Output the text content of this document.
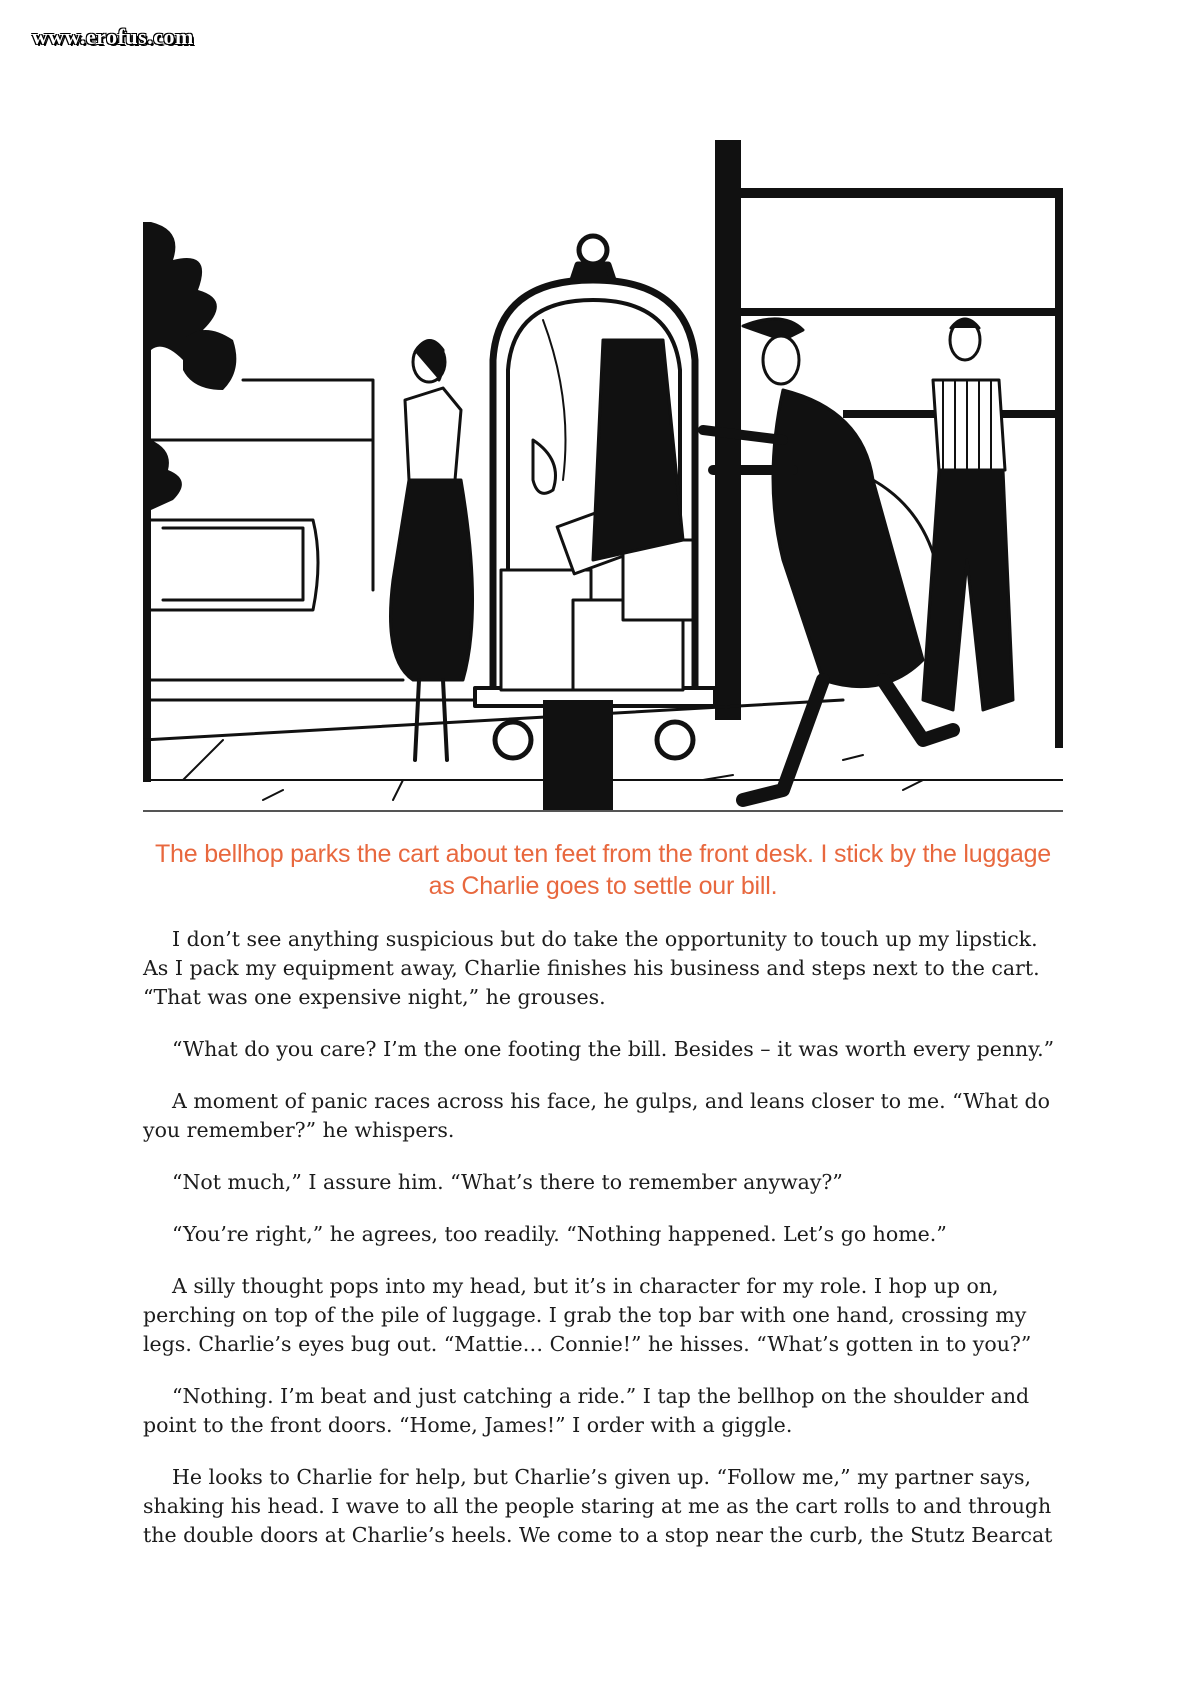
www.erofus.com
The bellhop parks the cart about ten feet from the front desk. I stick by the luggage as Charlie goes to settle our bill.

I don’t see anything suspicious but do take the opportunity to touch up my lipstick. As I pack my equipment away, Charlie finishes his business and steps next to the cart. “That was one expensive night,” he grouses.

“What do you care? I’m the one footing the bill. Besides – it was worth every penny.”

A moment of panic races across his face, he gulps, and leans closer to me. “What do you remember?” he whispers.

“Not much,” I assure him. “What’s there to remember anyway?”

“You’re right,” he agrees, too readily. “Nothing happened. Let’s go home.”

A silly thought pops into my head, but it’s in character for my role. I hop up on, perching on top of the pile of luggage. I grab the top bar with one hand, crossing my legs. Charlie’s eyes bug out. “Mattie… Connie!” he hisses. “What’s gotten in to you?”

“Nothing. I’m beat and just catching a ride.” I tap the bellhop on the shoulder and point to the front doors. “Home, James!” I order with a giggle.

He looks to Charlie for help, but Charlie’s given up. “Follow me,” my partner says, shaking his head. I wave to all the people staring at me as the cart rolls to and through the double doors at Charlie’s heels. We come to a stop near the curb, the Stutz Bearcat
